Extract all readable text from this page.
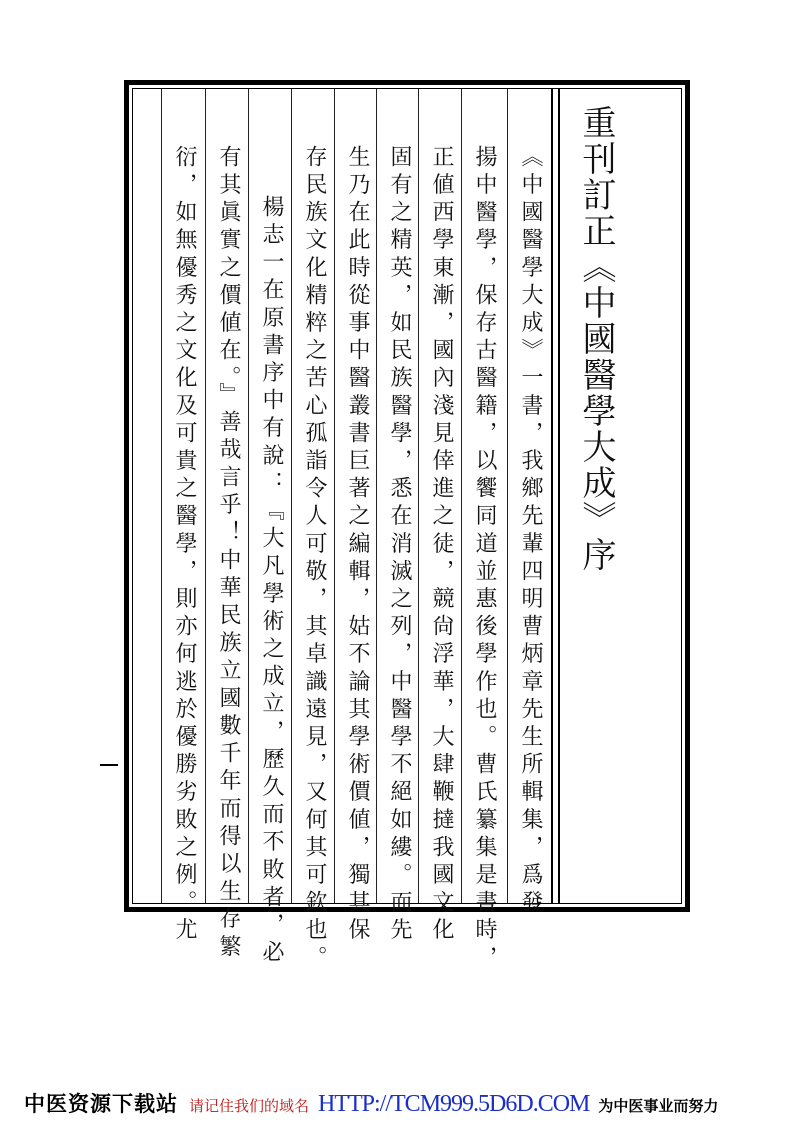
重刊訂正《中國醫學大成》序
《中國醫學大成》一書，我鄉先輩四明曹炳章先生所輯集，爲發
揚中醫學，保存古醫籍，以饗同道並惠後學作也。曹氏纂集是書時，
正値西學東漸，國內淺見倖進之徒，競尙浮華，大肆鞭撻我國文化
固有之精英，如民族醫學，悉在消滅之列，中醫學不絕如縷。而先
生乃在此時從事中醫叢書巨著之編輯，姑不論其學術價値，獨其保
存民族文化精粹之苦心孤詣令人可敬，其卓識遠見，又何其可欽也。
楊志一在原書序中有說：『大凡學術之成立，歷久而不敗者，必
有其眞實之價値在。』善哉言乎！中華民族立國數千年而得以生存繁
衍，如無優秀之文化及可貴之醫學，則亦何逃於優勝劣敗之例。尤
中医资源下载站 请记住我们的域名 HTTP://TCM999.5D6D.COM 为中医事业而努力
